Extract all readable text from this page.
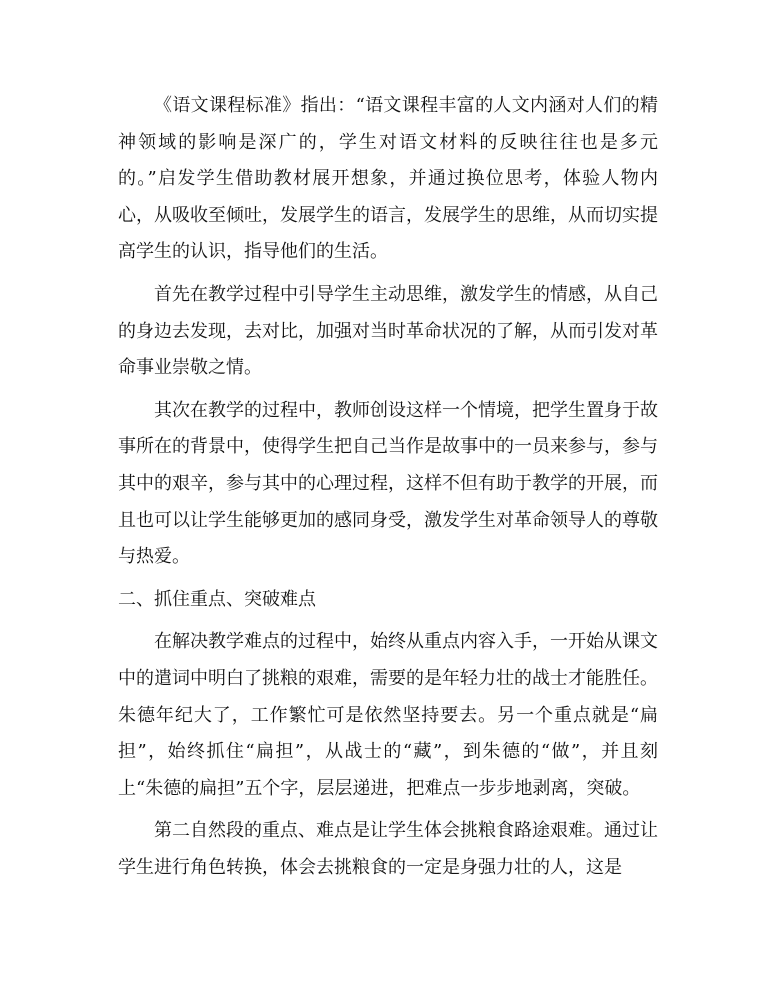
《语文课程标准》指出：“语文课程丰富的人文内涵对人们的精神领域的影响是深广的，学生对语文材料的反映往往也是多元的。”启发学生借助教材展开想象，并通过换位思考，体验人物内心，从吸收至倾吐，发展学生的语言，发展学生的思维，从而切实提高学生的认识，指导他们的生活。

首先在教学过程中引导学生主动思维，激发学生的情感，从自己的身边去发现，去对比，加强对当时革命状况的了解，从而引发对革命事业崇敬之情。

其次在教学的过程中，教师创设这样一个情境，把学生置身于故事所在的背景中，使得学生把自己当作是故事中的一员来参与，参与其中的艰辛，参与其中的心理过程，这样不但有助于教学的开展，而且也可以让学生能够更加的感同身受，激发学生对革命领导人的尊敬与热爱。

二、抓住重点、突破难点

在解决教学难点的过程中，始终从重点内容入手，一开始从课文中的遣词中明白了挑粮的艰难，需要的是年轻力壮的战士才能胜任。朱德年纪大了，工作繁忙可是依然坚持要去。另一个重点就是“扁担”，始终抓住“扁担”，从战士的“藏”，到朱德的“做”，并且刻上“朱德的扁担”五个字，层层递进，把难点一步步地剥离，突破。

第二自然段的重点、难点是让学生体会挑粮食路途艰难。通过让学生进行角色转换，体会去挑粮食的一定是身强力壮的人，这是
